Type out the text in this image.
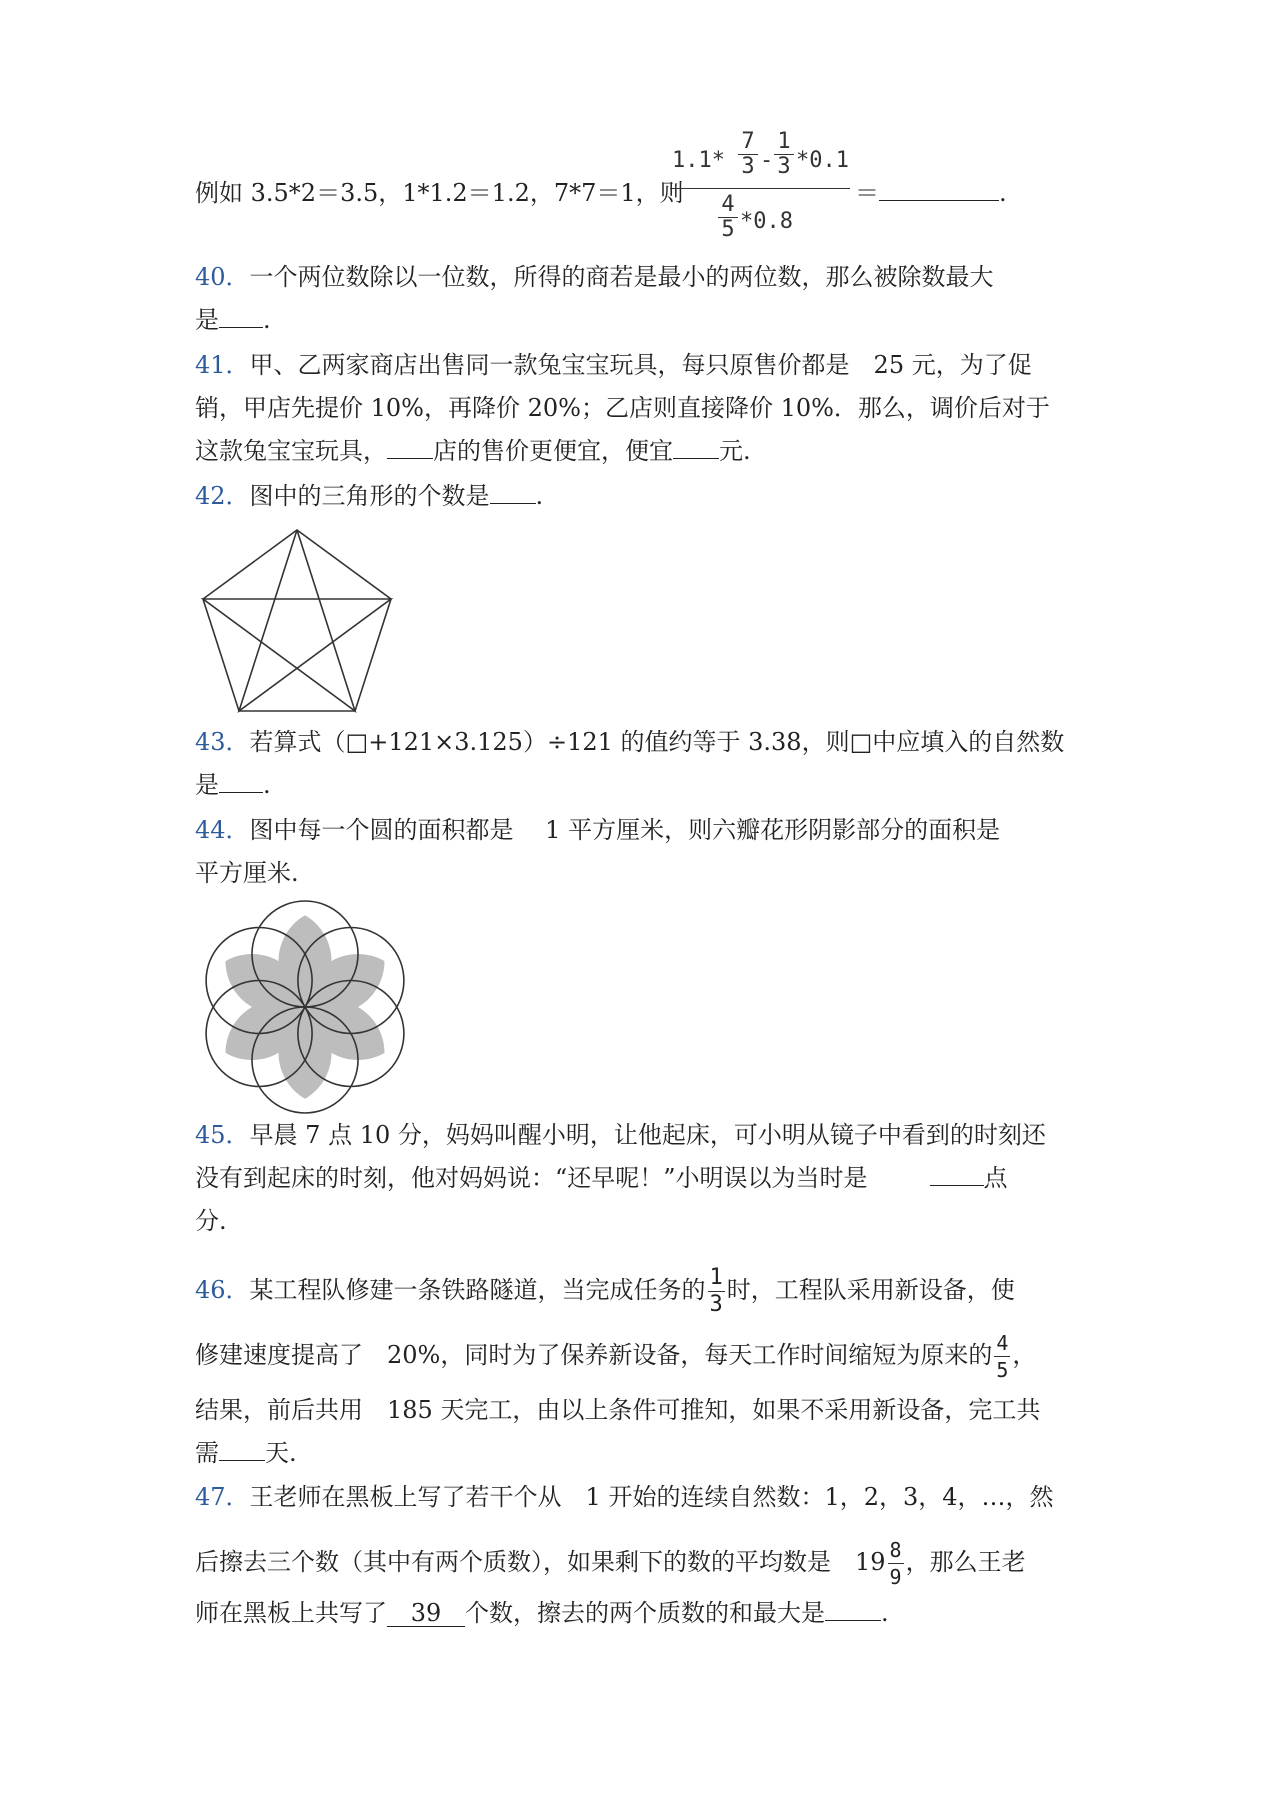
例如 3.5*2＝3.5，1*1.2＝1.2，7*7＝1，则
1.1*
7
3 -
1
3 *0.1
4
5 *0.8
＝	.
40．一个两位数除以一位数，所得的商若是最小的两位数，那么被除数最大
是 .
41．甲、乙两家商店出售同一款兔宝宝玩具，每只原售价都是　25 元，为了促
销，甲店先提价 10%，再降价 20%；乙店则直接降价 10%．那么，调价后对于
这款兔宝宝玩具， 店的售价更便宜，便宜 元.
42．图中的三角形的个数是 .
43．若算式（□+121×3.125）÷121 的值约等于 3.38，则□中应填入的自然数
是 .
44．图中每一个圆的面积都是　 1 平方厘米，则六瓣花形阴影部分的面积是
平方厘米.
45．早晨 7 点 10 分，妈妈叫醒小明，让他起床，可小明从镜子中看到的时刻还
没有到起床的时刻，他对妈妈说：“还早呢！”小明误以为当时是	点
分.
46．某工程队修建一条铁路隧道，当完成任务的 $\frac{1}{3}$ 时，工程队采用新设备，使
修建速度提高了　20%，同时为了保养新设备，每天工作时间缩短为原来的 $\frac{4}{5}$ ，
结果，前后共用　185 天完工，由以上条件可推知，如果不采用新设备，完工共
需 天.
47．王老师在黑板上写了若干个从　1 开始的连续自然数：1，2，3，4，…，然
后擦去三个数（其中有两个质数），如果剩下的数的平均数是　$19 \frac{8}{9}$ ，那么王老
师在黑板上共写了 39 个数，擦去的两个质数的和最大是 .
